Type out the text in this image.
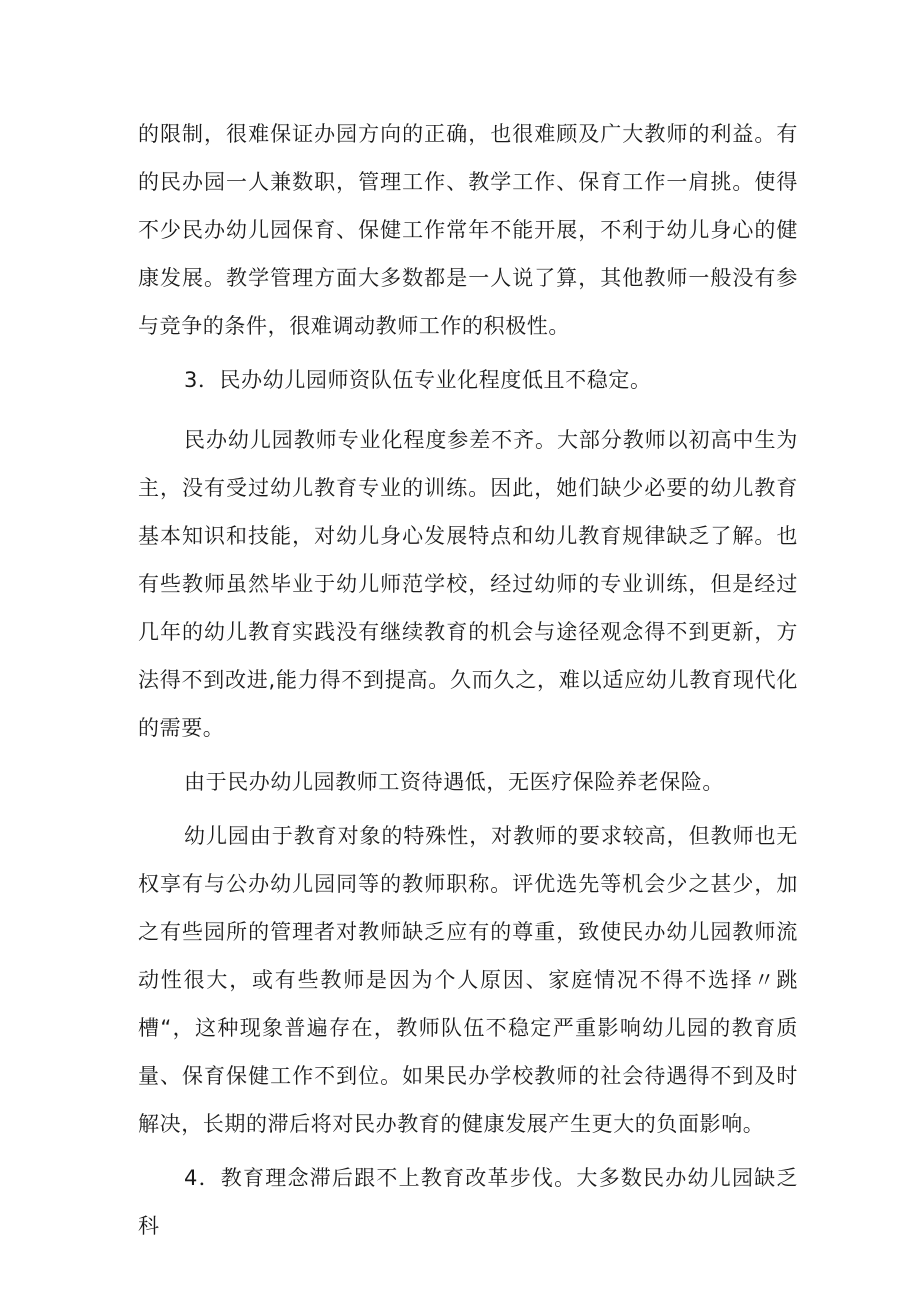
的限制，很难保证办园方向的正确，也很难顾及广大教师的利益。有的民办园一人兼数职，管理工作、教学工作、保育工作一肩挑。使得不少民办幼儿园保育、保健工作常年不能开展，不利于幼儿身心的健康发展。教学管理方面大多数都是一人说了算，其他教师一般没有参与竞争的条件，很难调动教师工作的积极性。

3．民办幼儿园师资队伍专业化程度低且不稳定。

民办幼儿园教师专业化程度参差不齐。大部分教师以初高中生为主，没有受过幼儿教育专业的训练。因此，她们缺少必要的幼儿教育基本知识和技能，对幼儿身心发展特点和幼儿教育规律缺乏了解。也有些教师虽然毕业于幼儿师范学校，经过幼师的专业训练，但是经过几年的幼儿教育实践没有继续教育的机会与途径观念得不到更新，方法得不到改进,能力得不到提高。久而久之，难以适应幼儿教育现代化的需要。

由于民办幼儿园教师工资待遇低，无医疗保险养老保险。

幼儿园由于教育对象的特殊性，对教师的要求较高，但教师也无权享有与公办幼儿园同等的教师职称。评优选先等机会少之甚少，加之有些园所的管理者对教师缺乏应有的尊重，致使民办幼儿园教师流动性很大，或有些教师是因为个人原因、家庭情况不得不选择〃跳槽“，这种现象普遍存在，教师队伍不稳定严重影响幼儿园的教育质量、保育保健工作不到位。如果民办学校教师的社会待遇得不到及时解决，长期的滞后将对民办教育的健康发展产生更大的负面影响。

4．教育理念滞后跟不上教育改革步伐。大多数民办幼儿园缺乏科
